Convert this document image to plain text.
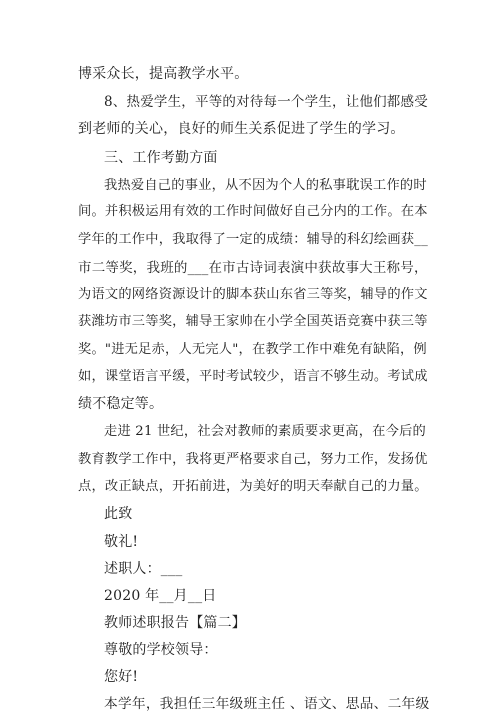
博采众长，提高教学水平。
8、热爱学生，平等的对待每一个学生，让他们都感受
到老师的关心，良好的师生关系促进了学生的学习。
三、工作考勤方面
我热爱自己的事业，从不因为个人的私事耽误工作的时
间。并积极运用有效的工作时间做好自己分内的工作。在本
学年的工作中，我取得了一定的成绩：辅导的科幻绘画获__
市二等奖，我班的___在市古诗词表演中获故事大王称号，
为语文的网络资源设计的脚本获山东省三等奖，辅导的作文
获潍坊市三等奖，辅导王家帅在小学全国英语竞赛中获三等
奖。"进无足赤，人无完人"，在教学工作中难免有缺陷，例
如，课堂语言平缓，平时考试较少，语言不够生动。考试成
绩不稳定等。
走进 21 世纪，社会对教师的素质要求更高，在今后的
教育教学工作中，我将更严格要求自己，努力工作，发扬优
点，改正缺点，开拓前进，为美好的明天奉献自己的力量。
此致
敬礼!
述职人：___
2020 年__月__日
教师述职报告【篇二】
尊敬的学校领导：
您好!
本学年，我担任三年级班主任 、语文、思品、二年级
